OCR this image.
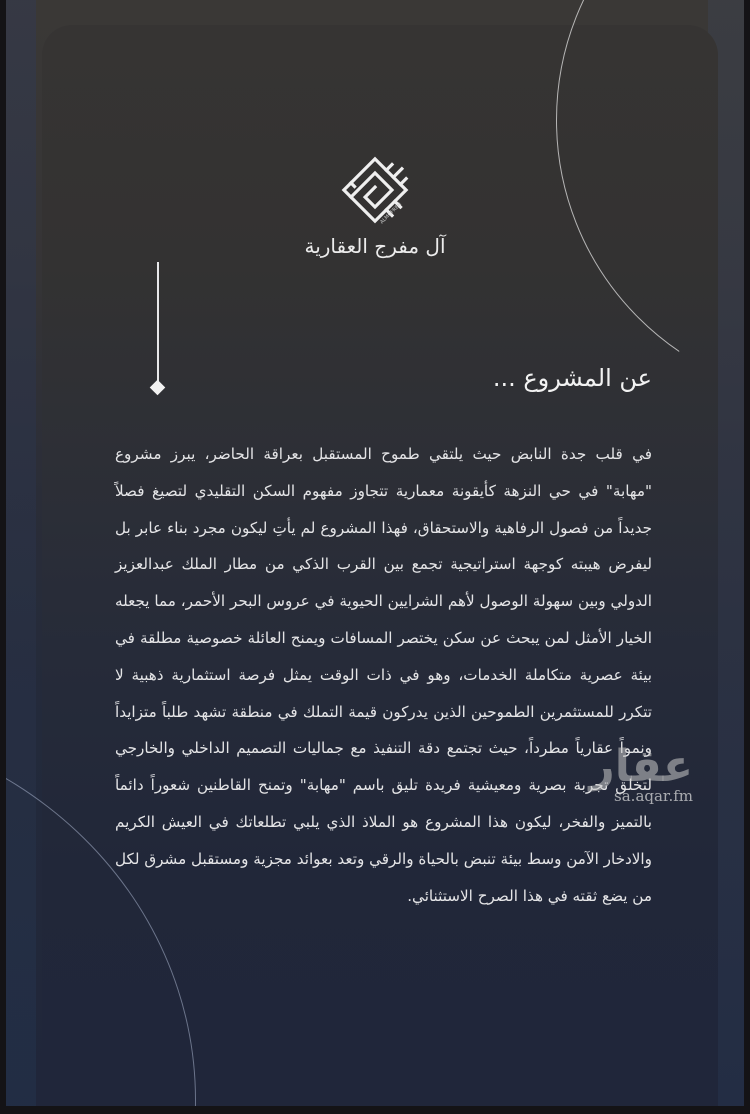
ALMOFREH
آل مفرج العقارية
عن المشروع ...

في قلب جدة النابض حيث يلتقي طموح المستقبل بعراقة الحاضر، يبرز مشروع "مهابة" في حي النزهة كأيقونة معمارية تتجاوز مفهوم السكن التقليدي لتصيغ فصلاً جديداً من فصول الرفاهية والاستحقاق، فهذا المشروع لم يأتِ ليكون مجرد بناء عابر بل ليفرض هيبته كوجهة استراتيجية تجمع بين القرب الذكي من مطار الملك عبدالعزيز الدولي وبين سهولة الوصول لأهم الشرايين الحيوية في عروس البحر الأحمر، مما يجعله الخيار الأمثل لمن يبحث عن سكن يختصر المسافات ويمنح العائلة خصوصية مطلقة في بيئة عصرية متكاملة الخدمات، وهو في ذات الوقت يمثل فرصة استثمارية ذهبية لا تتكرر للمستثمرين الطموحين الذين يدركون قيمة التملك في منطقة تشهد طلباً متزايداً ونمواً عقارياً مطرداً، حيث تجتمع دقة التنفيذ مع جماليات التصميم الداخلي والخارجي لتخلق تجربة بصرية ومعيشية فريدة تليق باسم "مهابة" وتمنح القاطنين شعوراً دائماً بالتميز والفخر، ليكون هذا المشروع هو الملاذ الذي يلبي تطلعاتك في العيش الكريم والادخار الآمن وسط بيئة تنبض بالحياة والرقي وتعد بعوائد مجزية ومستقبل مشرق لكل من يضع ثقته في هذا الصرح الاستثنائي.

عقار
sa.aqar.fm
